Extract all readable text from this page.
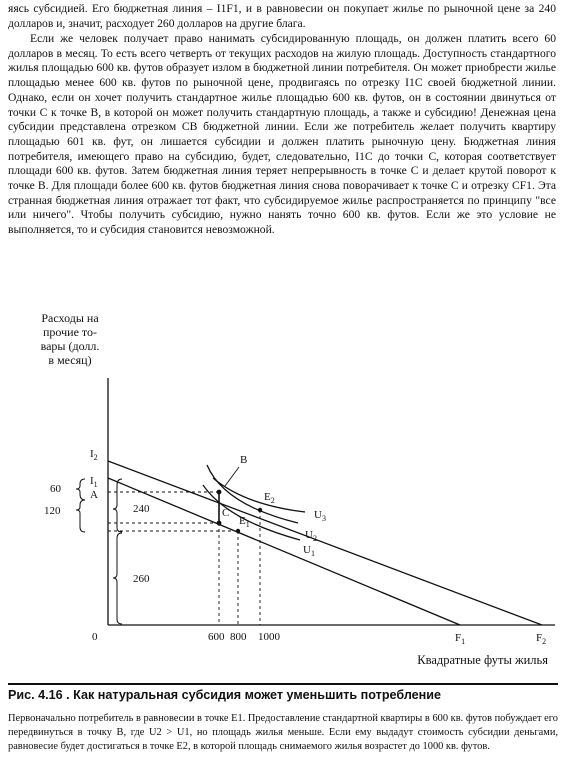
яясь субсидией. Его бюджетная линия – I1F1, и в равновесии он покупает жилье по рыночной цене за 240 долларов и, значит, расходует 260 долларов на другие блага.

Если же человек получает право нанимать субсидированную площадь, он должен платить всего 60 долларов в месяц. То есть всего четверть от текущих расходов на жилую площадь. Доступность стандартного жилья площадью 600 кв. футов образует излом в бюджетной линии потребителя. Он может приобрести жилье площадью менее 600 кв. футов по рыночной цене, продвигаясь по отрезку I1C своей бюджетной линии. Однако, если он хочет получить стандартное жилье площадью 600 кв. футов, он в состоянии двинуться от точки С к точке В, в которой он может получить стандартную площадь, а также и субсидию! Денежная цена субсидии представлена отрезком СВ бюджетной линии. Если же потребитель желает получить квартиру площадью 601 кв. фут, он лишается субсидии и должен платить рыночную цену. Бюджетная линия потребителя, имеющего право на субсидию, будет, следовательно, I1C до точки С, которая соответствует площади 600 кв. футов. Затем бюджетная линия теряет непрерывность в точке С и делает крутой поворот к точке В. Для площади более 600 кв. футов бюджетная линия снова поворачивает к точке С и отрезку CF1. Эта странная бюджетная линия отражает тот факт, что субсидируемое жилье распространяется по принципу "все или ничего". Чтобы получить субсидию, нужно нанять точно 600 кв. футов. Если же это условие не выполняется, то и субсидия становится невозможной.

Расходы на
прочие то-
вары (долл.
в месяц)
$I_2$
$I_1$
A
60
120	240
260
B
C
$E_1$
$E_2$
$U_3$
$U_2$
$U_1$
0	600 800 1000	$F_1$	$F_2$
Квадратные футы жилья
Рис. 4.16 . Как натуральная субсидия может уменьшить потребление

Первоначально потребитель в равновесии в точке E1. Предоставление стандартной квартиры в 600 кв. футов побуждает его передвинуться в точку В, где U2 > U1, но площадь жилья меньше. Если ему выдадут стоимость субсидии деньгами, равновесие будет достигаться в точке E2, в которой площадь снимаемого жилья возрастет до 1000 кв. футов.
